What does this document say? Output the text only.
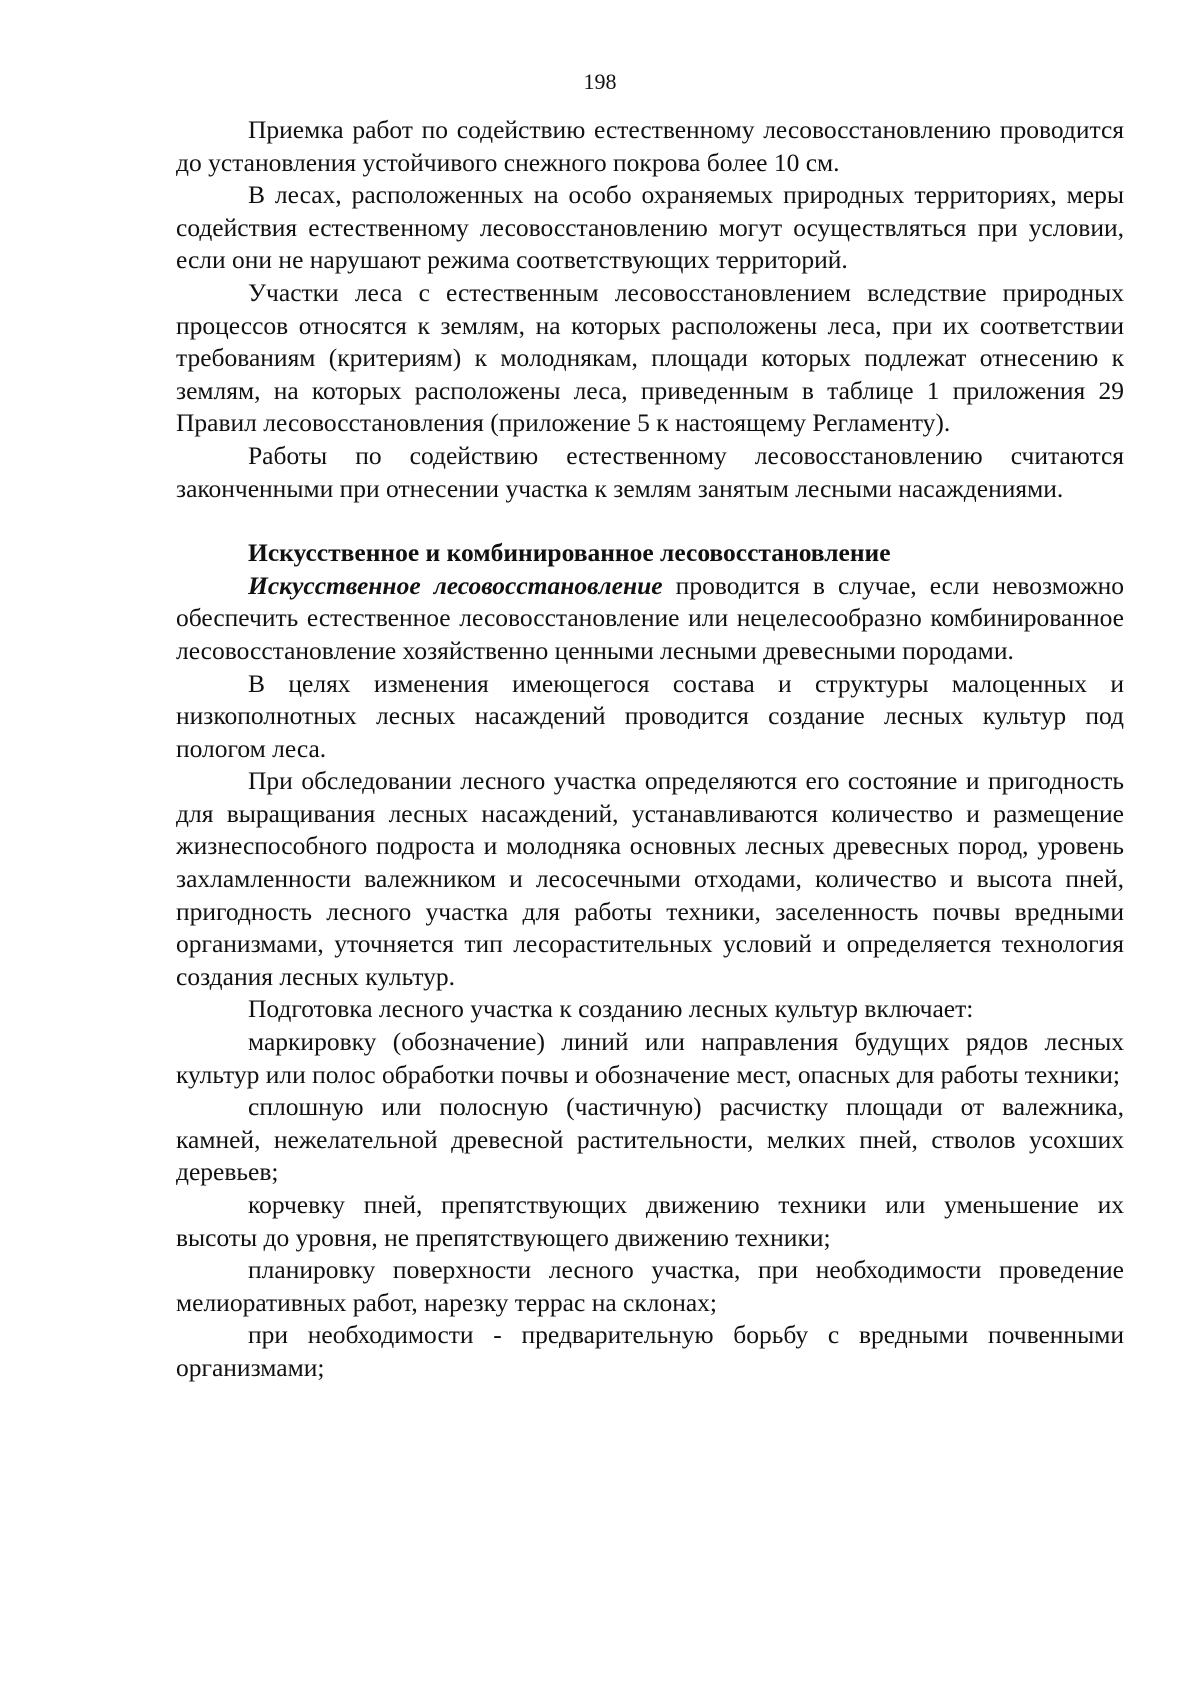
198

Приемка работ по содействию естественному лесовосстановлению проводится до установления устойчивого снежного покрова более 10 см.

В лесах, расположенных на особо охраняемых природных территориях, меры содействия естественному лесовосстановлению могут осуществляться при условии, если они не нарушают режима соответствующих территорий.

Участки леса с естественным лесовосстановлением вследствие природных процессов относятся к землям, на которых расположены леса, при их соответствии требованиям (критериям) к молоднякам, площади которых подлежат отнесению к землям, на которых расположены леса, приведенным в таблице 1 приложения 29 Правил лесовосстановления (приложение 5 к настоящему Регламенту).

Работы по содействию естественному лесовосстановлению считаются законченными при отнесении участка к землям занятым лесными насаждениями.

Искусственное и комбинированное лесовосстановление

Искусственное лесовосстановление проводится в случае, если невозможно обеспечить естественное лесовосстановление или нецелесообразно комбинированное лесовосстановление хозяйственно ценными лесными древесными породами.

В целях изменения имеющегося состава и структуры малоценных и низкополнотных лесных насаждений проводится создание лесных культур под пологом леса.

При обследовании лесного участка определяются его состояние и пригодность для выращивания лесных насаждений, устанавливаются количество и размещение жизнеспособного подроста и молодняка основных лесных древесных пород, уровень захламленности валежником и лесосечными отходами, количество и высота пней, пригодность лесного участка для работы техники, заселенность почвы вредными организмами, уточняется тип лесорастительных условий и определяется технология создания лесных культур.

Подготовка лесного участка к созданию лесных культур включает:

маркировку (обозначение) линий или направления будущих рядов лесных культур или полос обработки почвы и обозначение мест, опасных для работы техники;

сплошную или полосную (частичную) расчистку площади от валежника, камней, нежелательной древесной растительности, мелких пней, стволов усохших деревьев;

корчевку пней, препятствующих движению техники или уменьшение их высоты до уровня, не препятствующего движению техники;

планировку поверхности лесного участка, при необходимости проведение мелиоративных работ, нарезку террас на склонах;

при необходимости - предварительную борьбу с вредными почвенными организмами;
